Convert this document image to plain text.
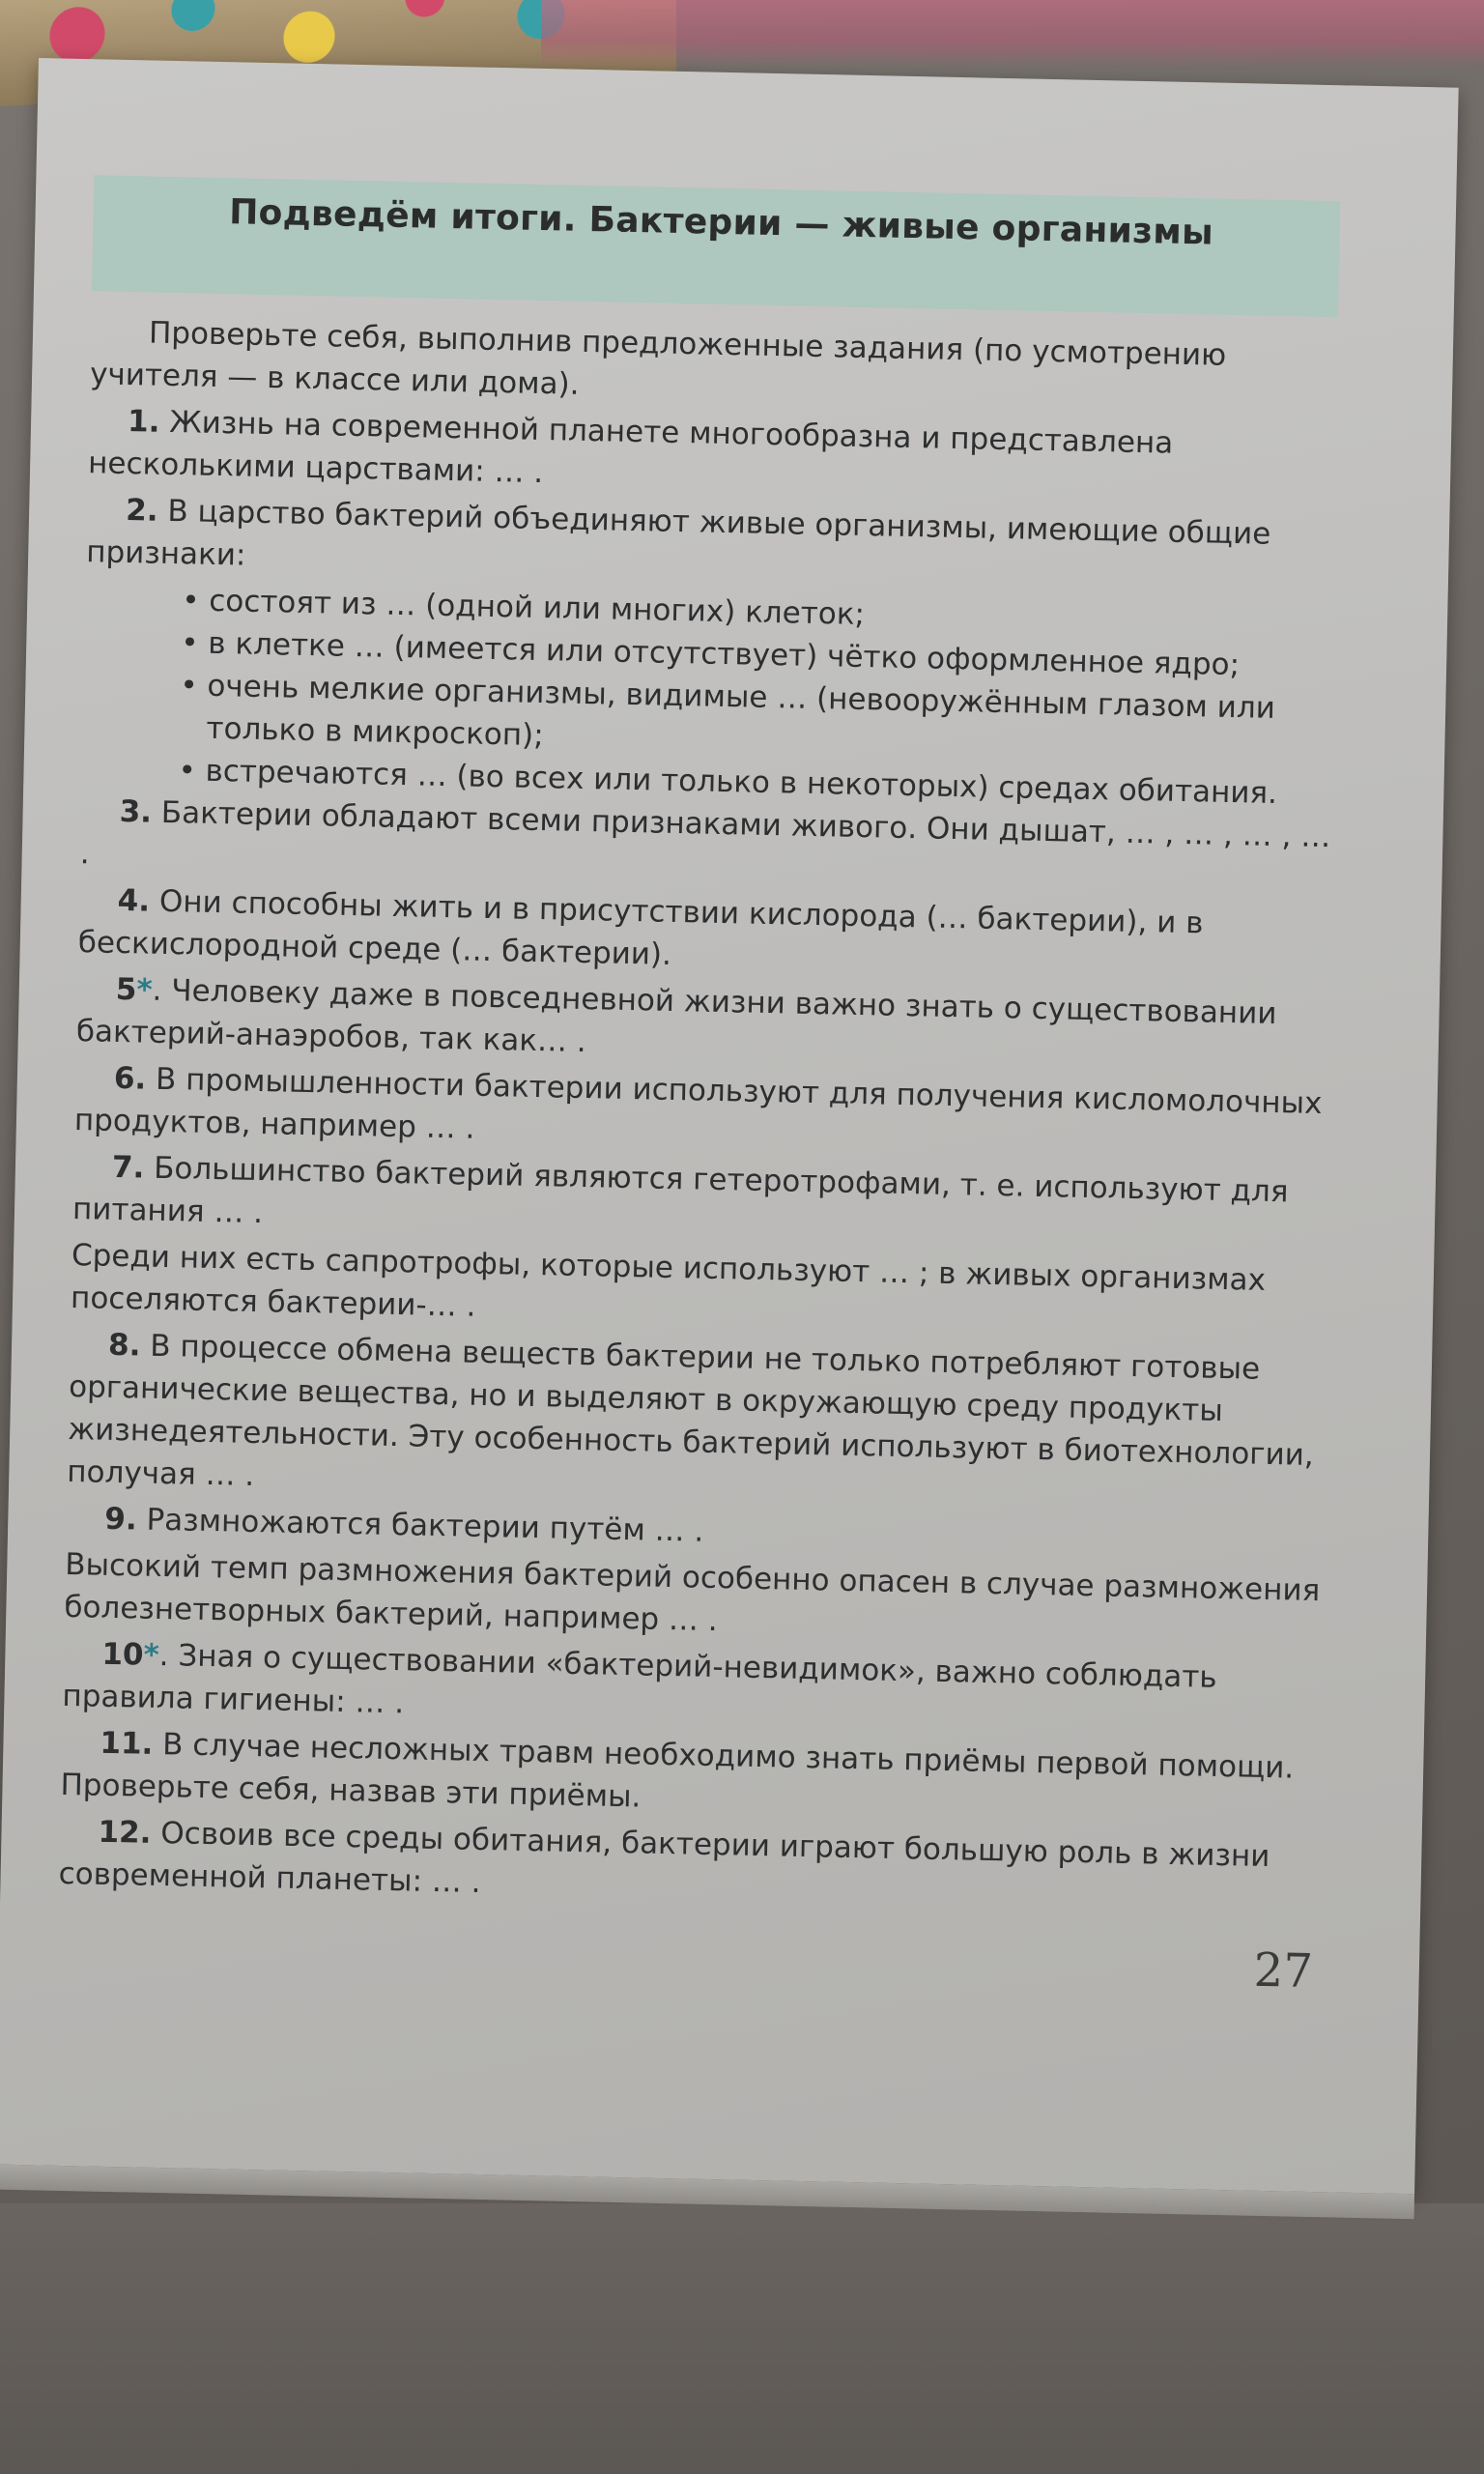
Подведём итоги. Бактерии — живые организмы

Проверьте себя, выполнив предложенные задания (по усмотрению учителя — в классе или дома).

1. Жизнь на современной планете многообразна и представлена несколькими царствами: … .

2. В царство бактерий объединяют живые организмы, имеющие общие признаки:

• состоят из … (одной или многих) клеток;
• в клетке … (имеется или отсутствует) чётко оформленное ядро;
• очень мелкие организмы, видимые … (невооружённым глазом или только в микроскоп);
• встречаются … (во всех или только в некоторых) средах обитания.

3. Бактерии обладают всеми признаками живого. Они дышат, … , … , … , … .

4. Они способны жить и в присутствии кислорода (… бактерии), и в бескислородной среде (… бактерии).

5*. Человеку даже в повседневной жизни важно знать о существовании бактерий-анаэробов, так как… .

6. В промышленности бактерии используют для получения кисломолочных продуктов, например … .

7. Большинство бактерий являются гетеротрофами, т. е. используют для питания … .

Среди них есть сапротрофы, которые используют … ; в живых организмах поселяются бактерии-… .

8. В процессе обмена веществ бактерии не только потребляют готовые органические вещества, но и выделяют в окружающую среду продукты жизнедеятельности. Эту особенность бактерий используют в биотехнологии, получая … .

9. Размножаются бактерии путём … .

Высокий темп размножения бактерий особенно опасен в случае размножения болезнетворных бактерий, например … .

10*. Зная о существовании «бактерий-невидимок», важно соблюдать правила гигиены: … .

11. В случае несложных травм необходимо знать приёмы первой помощи. Проверьте себя, назвав эти приёмы.

12. Освоив все среды обитания, бактерии играют большую роль в жизни современной планеты: … .

27
